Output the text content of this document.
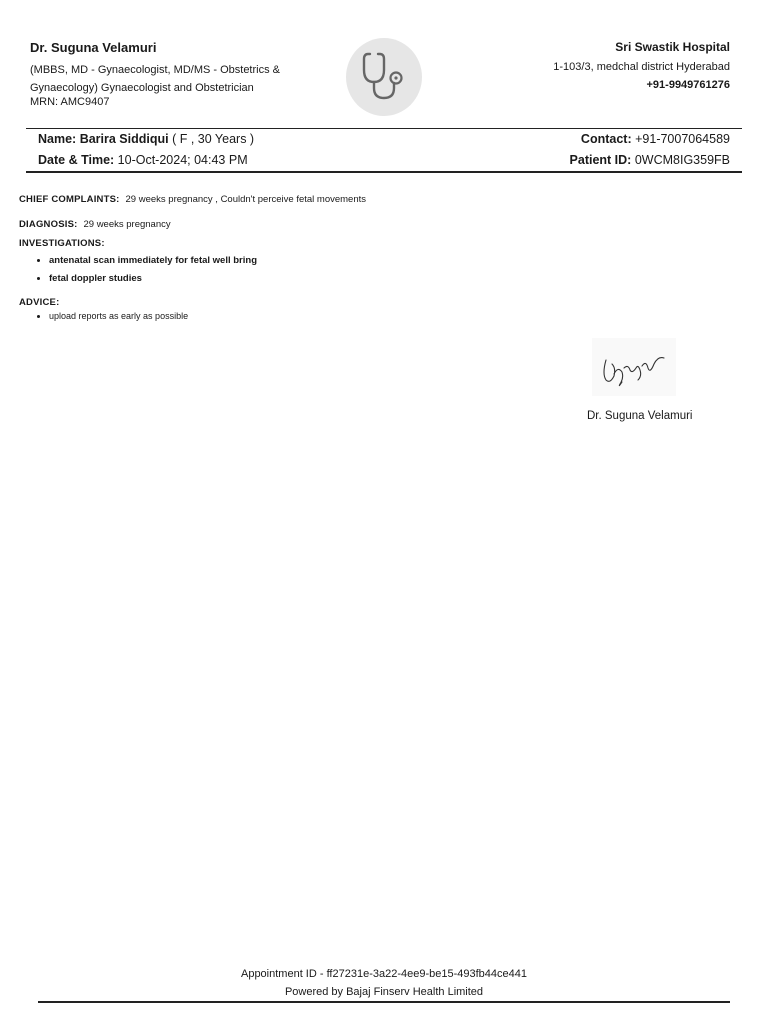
Dr. Suguna Velamuri
(MBBS, MD - Gynaecologist, MD/MS - Obstetrics & Gynaecology) Gynaecologist and Obstetrician
MRN: AMC9407
Sri Swastik Hospital
1-103/3, medchal district Hyderabad
+91-9949761276
Name: Barira Siddiqui ( F , 30 Years )
Date & Time: 10-Oct-2024; 04:43 PM
Contact: +91-7007064589
Patient ID: 0WCM8IG359FB
CHIEF COMPLAINTS: 29 weeks pregnancy , Couldn't perceive fetal movements
DIAGNOSIS: 29 weeks pregnancy
INVESTIGATIONS:
• antenatal scan immediately for fetal well bring
• fetal doppler studies
ADVICE:
• upload reports as early as possible
Dr. Suguna Velamuri
Appointment ID - ff27231e-3a22-4ee9-be15-493fb44ce441
Powered by Bajaj Finserv Health Limited
